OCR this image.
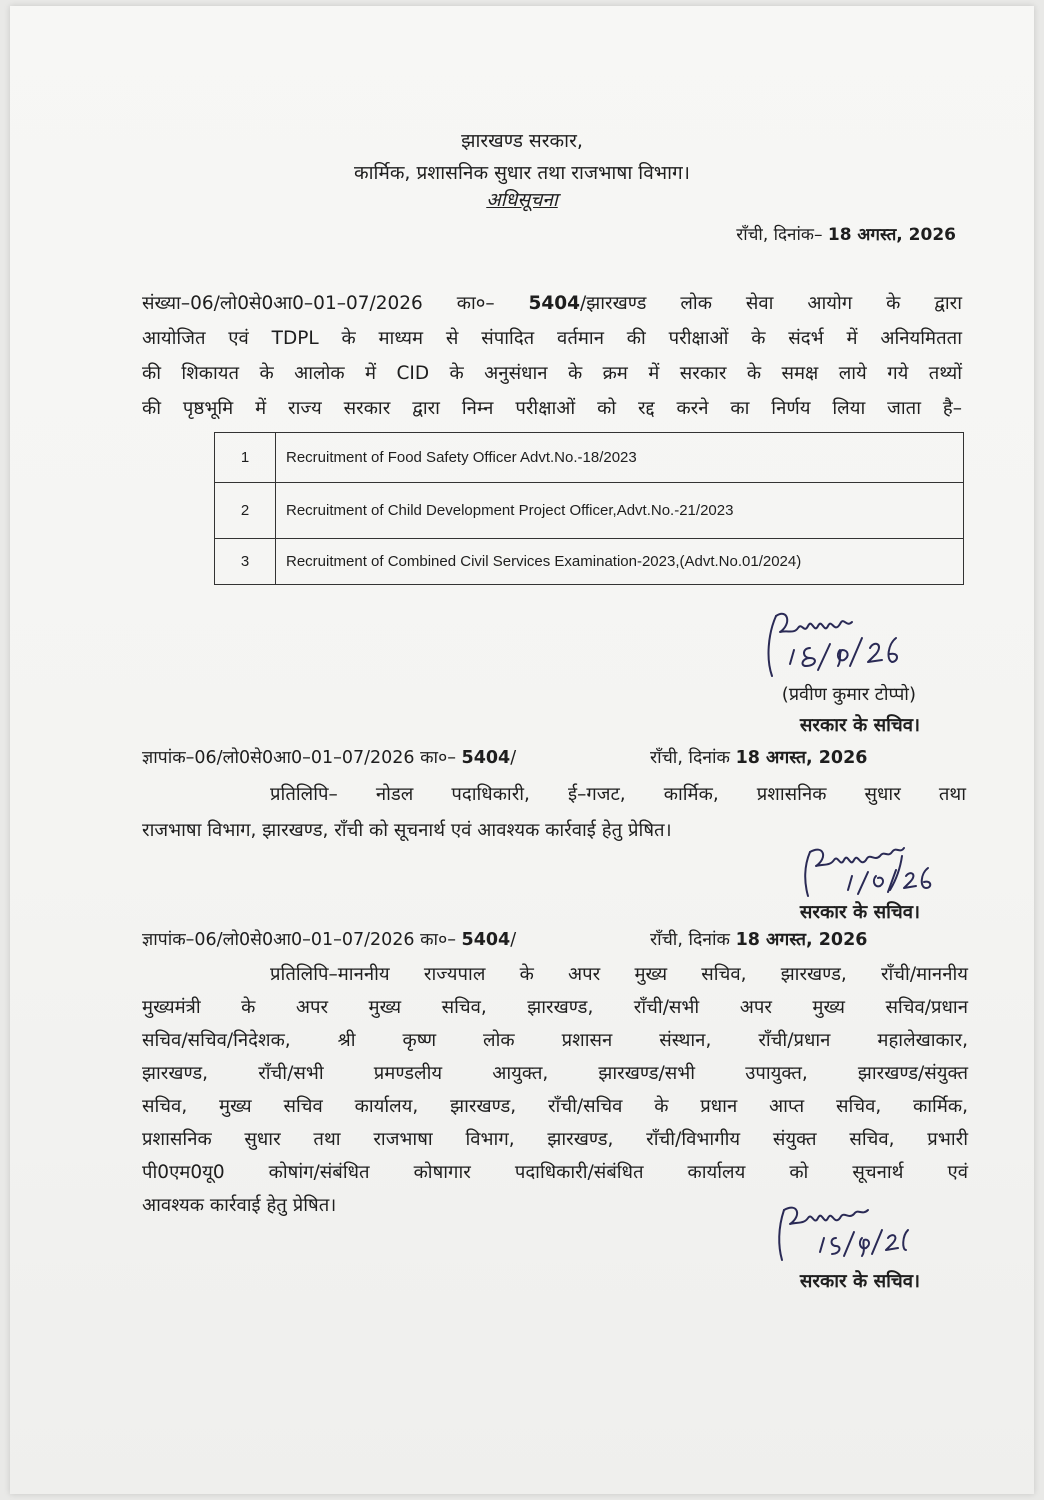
झारखण्ड सरकार,
कार्मिक, प्रशासनिक सुधार तथा राजभाषा विभाग।
अधिसूचना
राँची, दिनांक– 18 अगस्त, 2026
संख्या–06/लो0से0आ0–01–07/2026 का०– 5404/झारखण्ड लोक सेवा आयोग के द्वारा
आयोजित एवं TDPL के माध्यम से संपादित वर्तमान की परीक्षाओं के संदर्भ में अनियमितता
की शिकायत के आलोक में CID के अनुसंधान के क्रम में सरकार के समक्ष लाये गये तथ्यों
की पृष्ठभूमि में राज्य सरकार द्वारा निम्न परीक्षाओं को रद्द करने का निर्णय लिया जाता है–
1	Recruitment of Food Safety Officer Advt.No.-18/2023
2	Recruitment of Child Development Project Officer,Advt.No.-21/2023
3	Recruitment of Combined Civil Services Examination-2023,(Advt.No.01/2024)
(प्रवीण कुमार टोप्पो)
सरकार के सचिव।
ज्ञापांक–06/लो0से0आ0–01–07/2026 का०– 5404/	राँची, दिनांक 18 अगस्त, 2026
प्रतिलिपि– नोडल पदाधिकारी, ई–गजट, कार्मिक, प्रशासनिक सुधार तथा
राजभाषा विभाग, झारखण्ड, राँची को सूचनार्थ एवं आवश्यक कार्रवाई हेतु प्रेषित।
सरकार के सचिव।
ज्ञापांक–06/लो0से0आ0–01–07/2026 का०– 5404/	राँची, दिनांक 18 अगस्त, 2026
प्रतिलिपि–माननीय राज्यपाल के अपर मुख्य सचिव, झारखण्ड, राँची/माननीय
मुख्यमंत्री के अपर मुख्य सचिव, झारखण्ड, राँची/सभी अपर मुख्य सचिव/प्रधान
सचिव/सचिव/निदेशक, श्री कृष्ण लोक प्रशासन संस्थान, राँची/प्रधान महालेखाकार,
झारखण्ड, राँची/सभी प्रमण्डलीय आयुक्त, झारखण्ड/सभी उपायुक्त, झारखण्ड/संयुक्त
सचिव, मुख्य सचिव कार्यालय, झारखण्ड, राँची/सचिव के प्रधान आप्त सचिव, कार्मिक,
प्रशासनिक सुधार तथा राजभाषा विभाग, झारखण्ड, राँची/विभागीय संयुक्त सचिव, प्रभारी
पी0एम0यू0 कोषांग/संबंधित कोषागार पदाधिकारी/संबंधित कार्यालय को सूचनार्थ एवं
आवश्यक कार्रवाई हेतु प्रेषित।
सरकार के सचिव।
